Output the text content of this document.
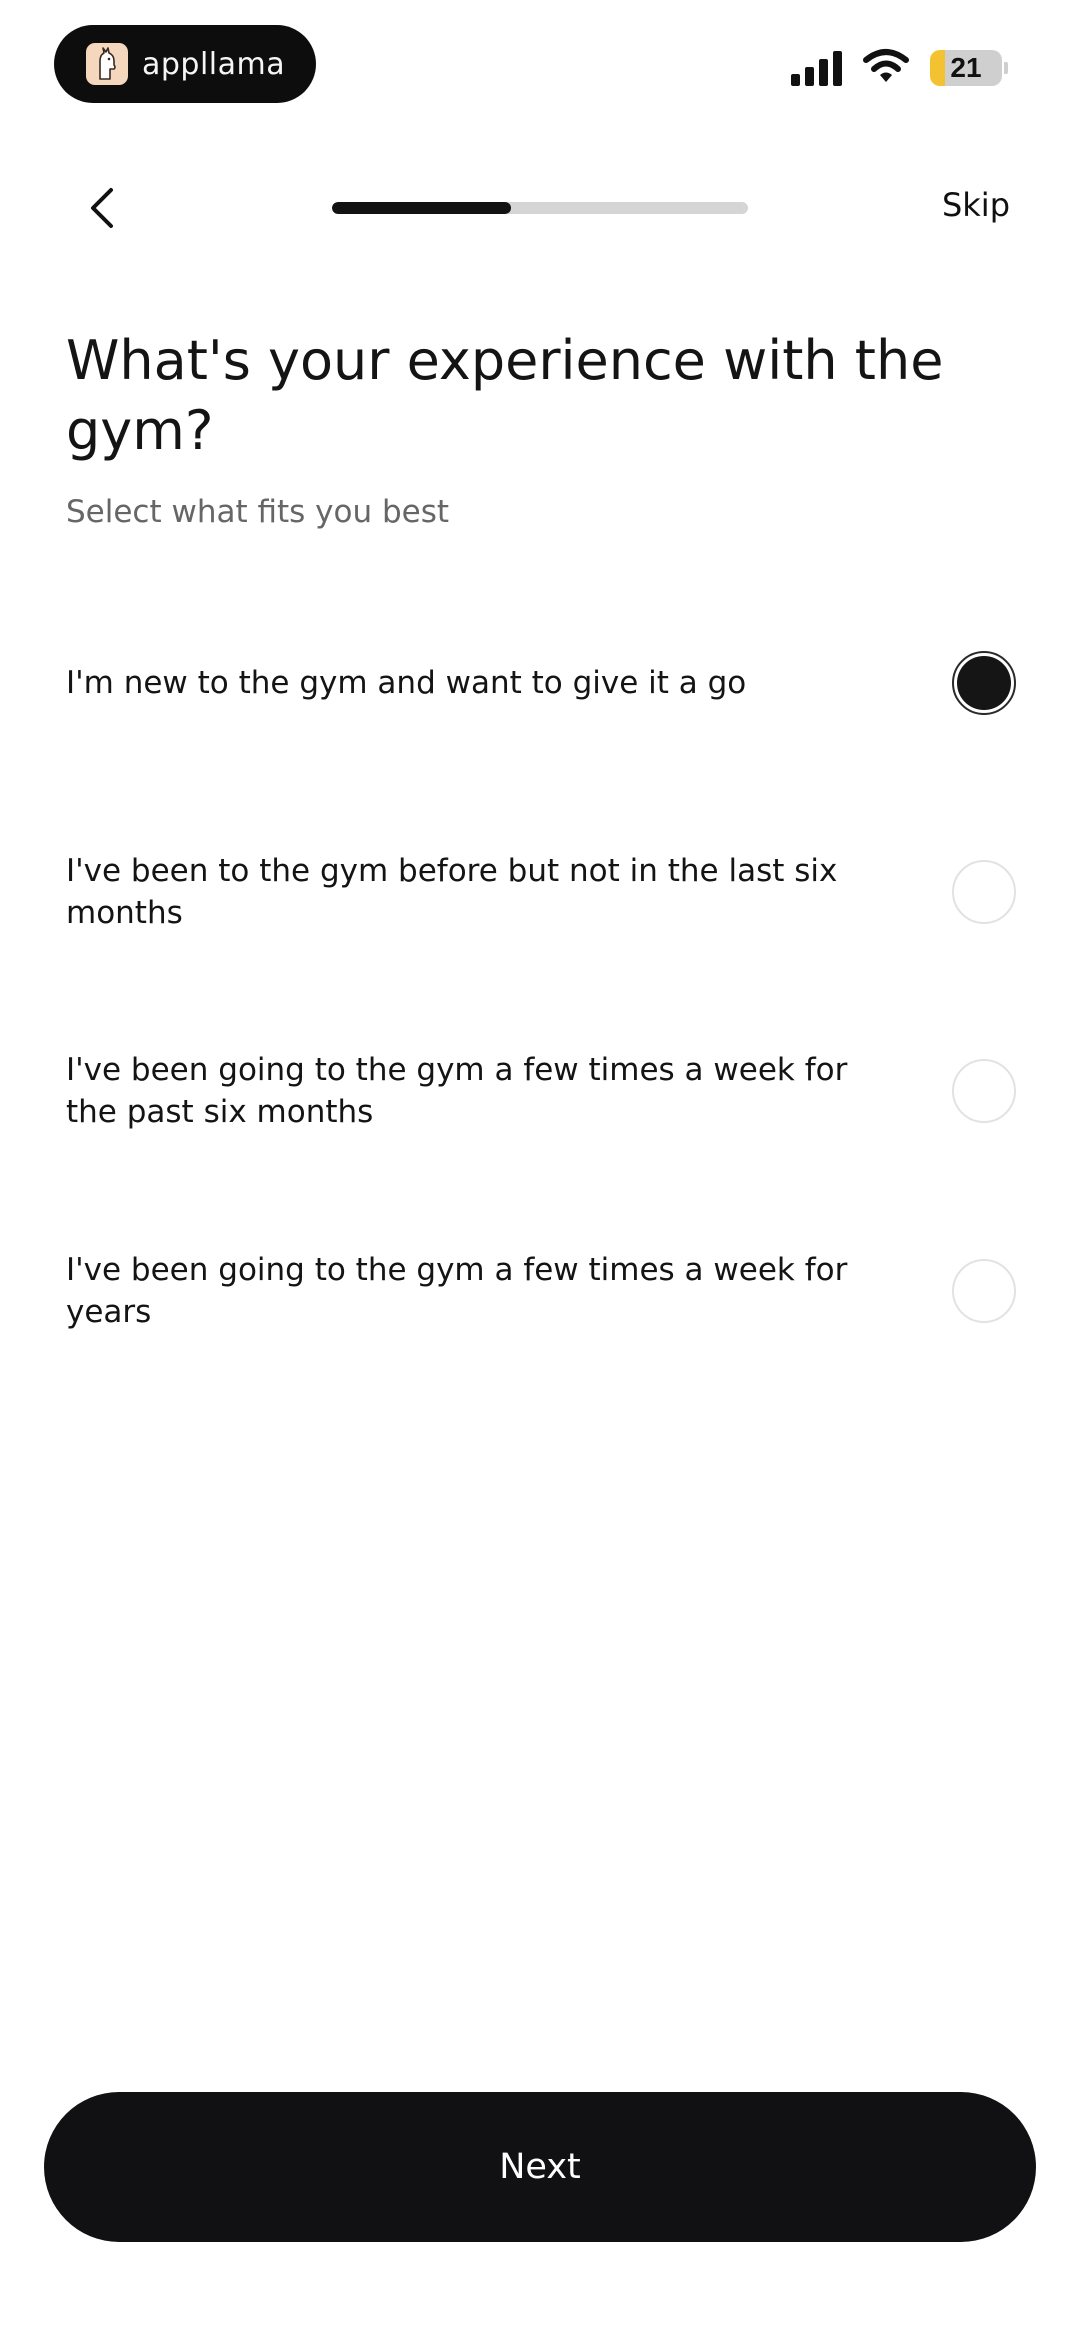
appllama	21
Skip
What's your experience with the gym?

Select what fits you best

I'm new to the gym and want to give it a go
I've been to the gym before but not in the last six months
I've been going to the gym a few times a week for the past six months
I've been going to the gym a few times a week for years
Next
